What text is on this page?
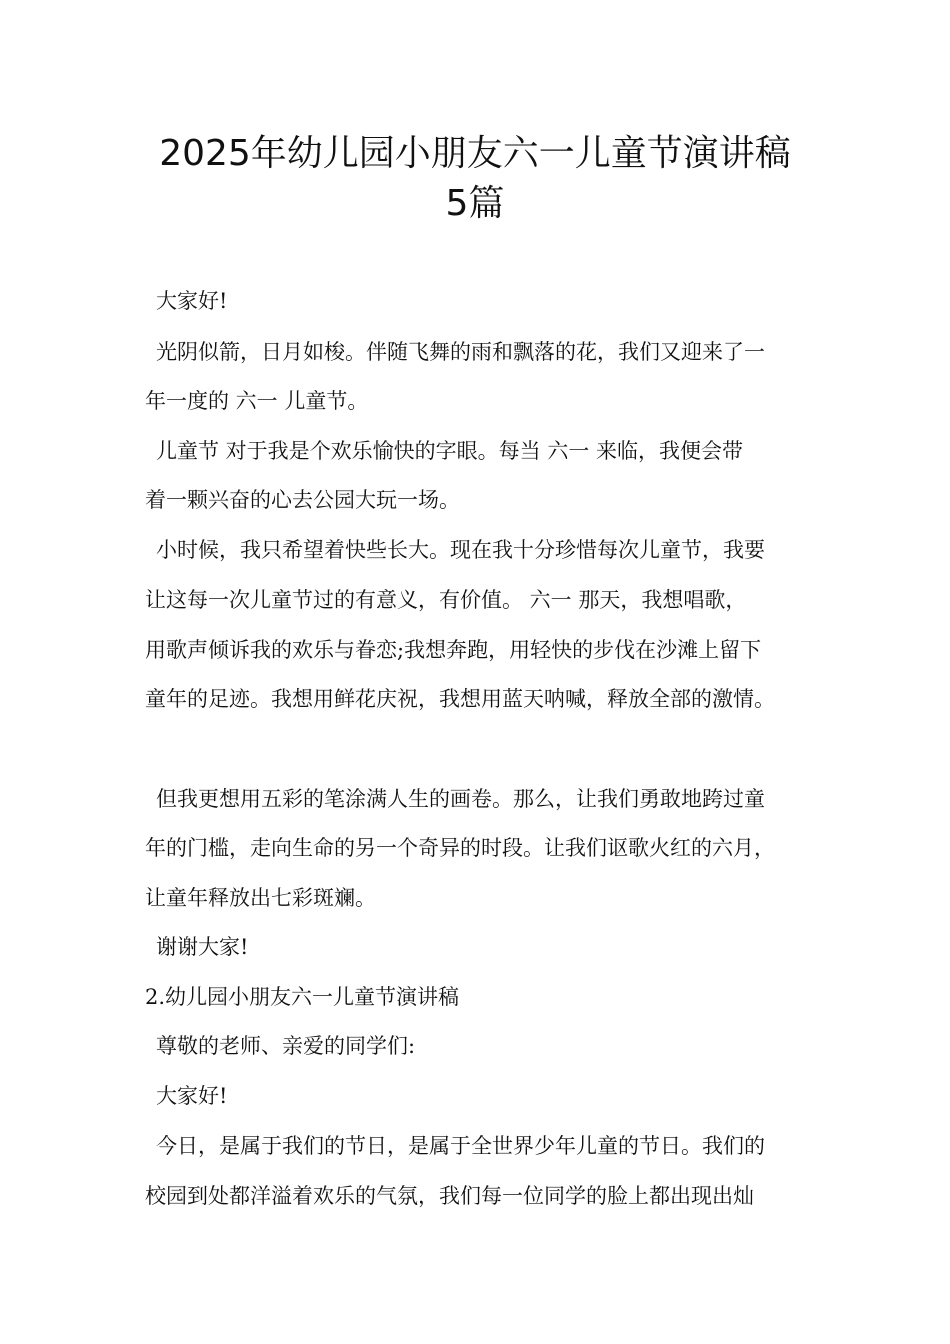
2025年幼儿园小朋友六一儿童节演讲稿
5篇
大家好!
光阴似箭，日月如梭。伴随飞舞的雨和飘落的花，我们又迎来了一
年一度的 六一 儿童节。
儿童节 对于我是个欢乐愉快的字眼。每当 六一 来临，我便会带
着一颗兴奋的心去公园大玩一场。
小时候，我只希望着快些长大。现在我十分珍惜每次儿童节，我要
让这每一次儿童节过的有意义，有价值。 六一 那天，我想唱歌，
用歌声倾诉我的欢乐与眷恋;我想奔跑，用轻快的步伐在沙滩上留下
童年的足迹。我想用鲜花庆祝，我想用蓝天呐喊，释放全部的激情。
但我更想用五彩的笔涂满人生的画卷。那么，让我们勇敢地跨过童
年的门槛，走向生命的另一个奇异的时段。让我们讴歌火红的六月，
让童年释放出七彩斑斓。
谢谢大家!
2.幼儿园小朋友六一儿童节演讲稿
尊敬的老师、亲爱的同学们:
大家好!
今日，是属于我们的节日，是属于全世界少年儿童的节日。我们的
校园到处都洋溢着欢乐的气氛，我们每一位同学的脸上都出现出灿
